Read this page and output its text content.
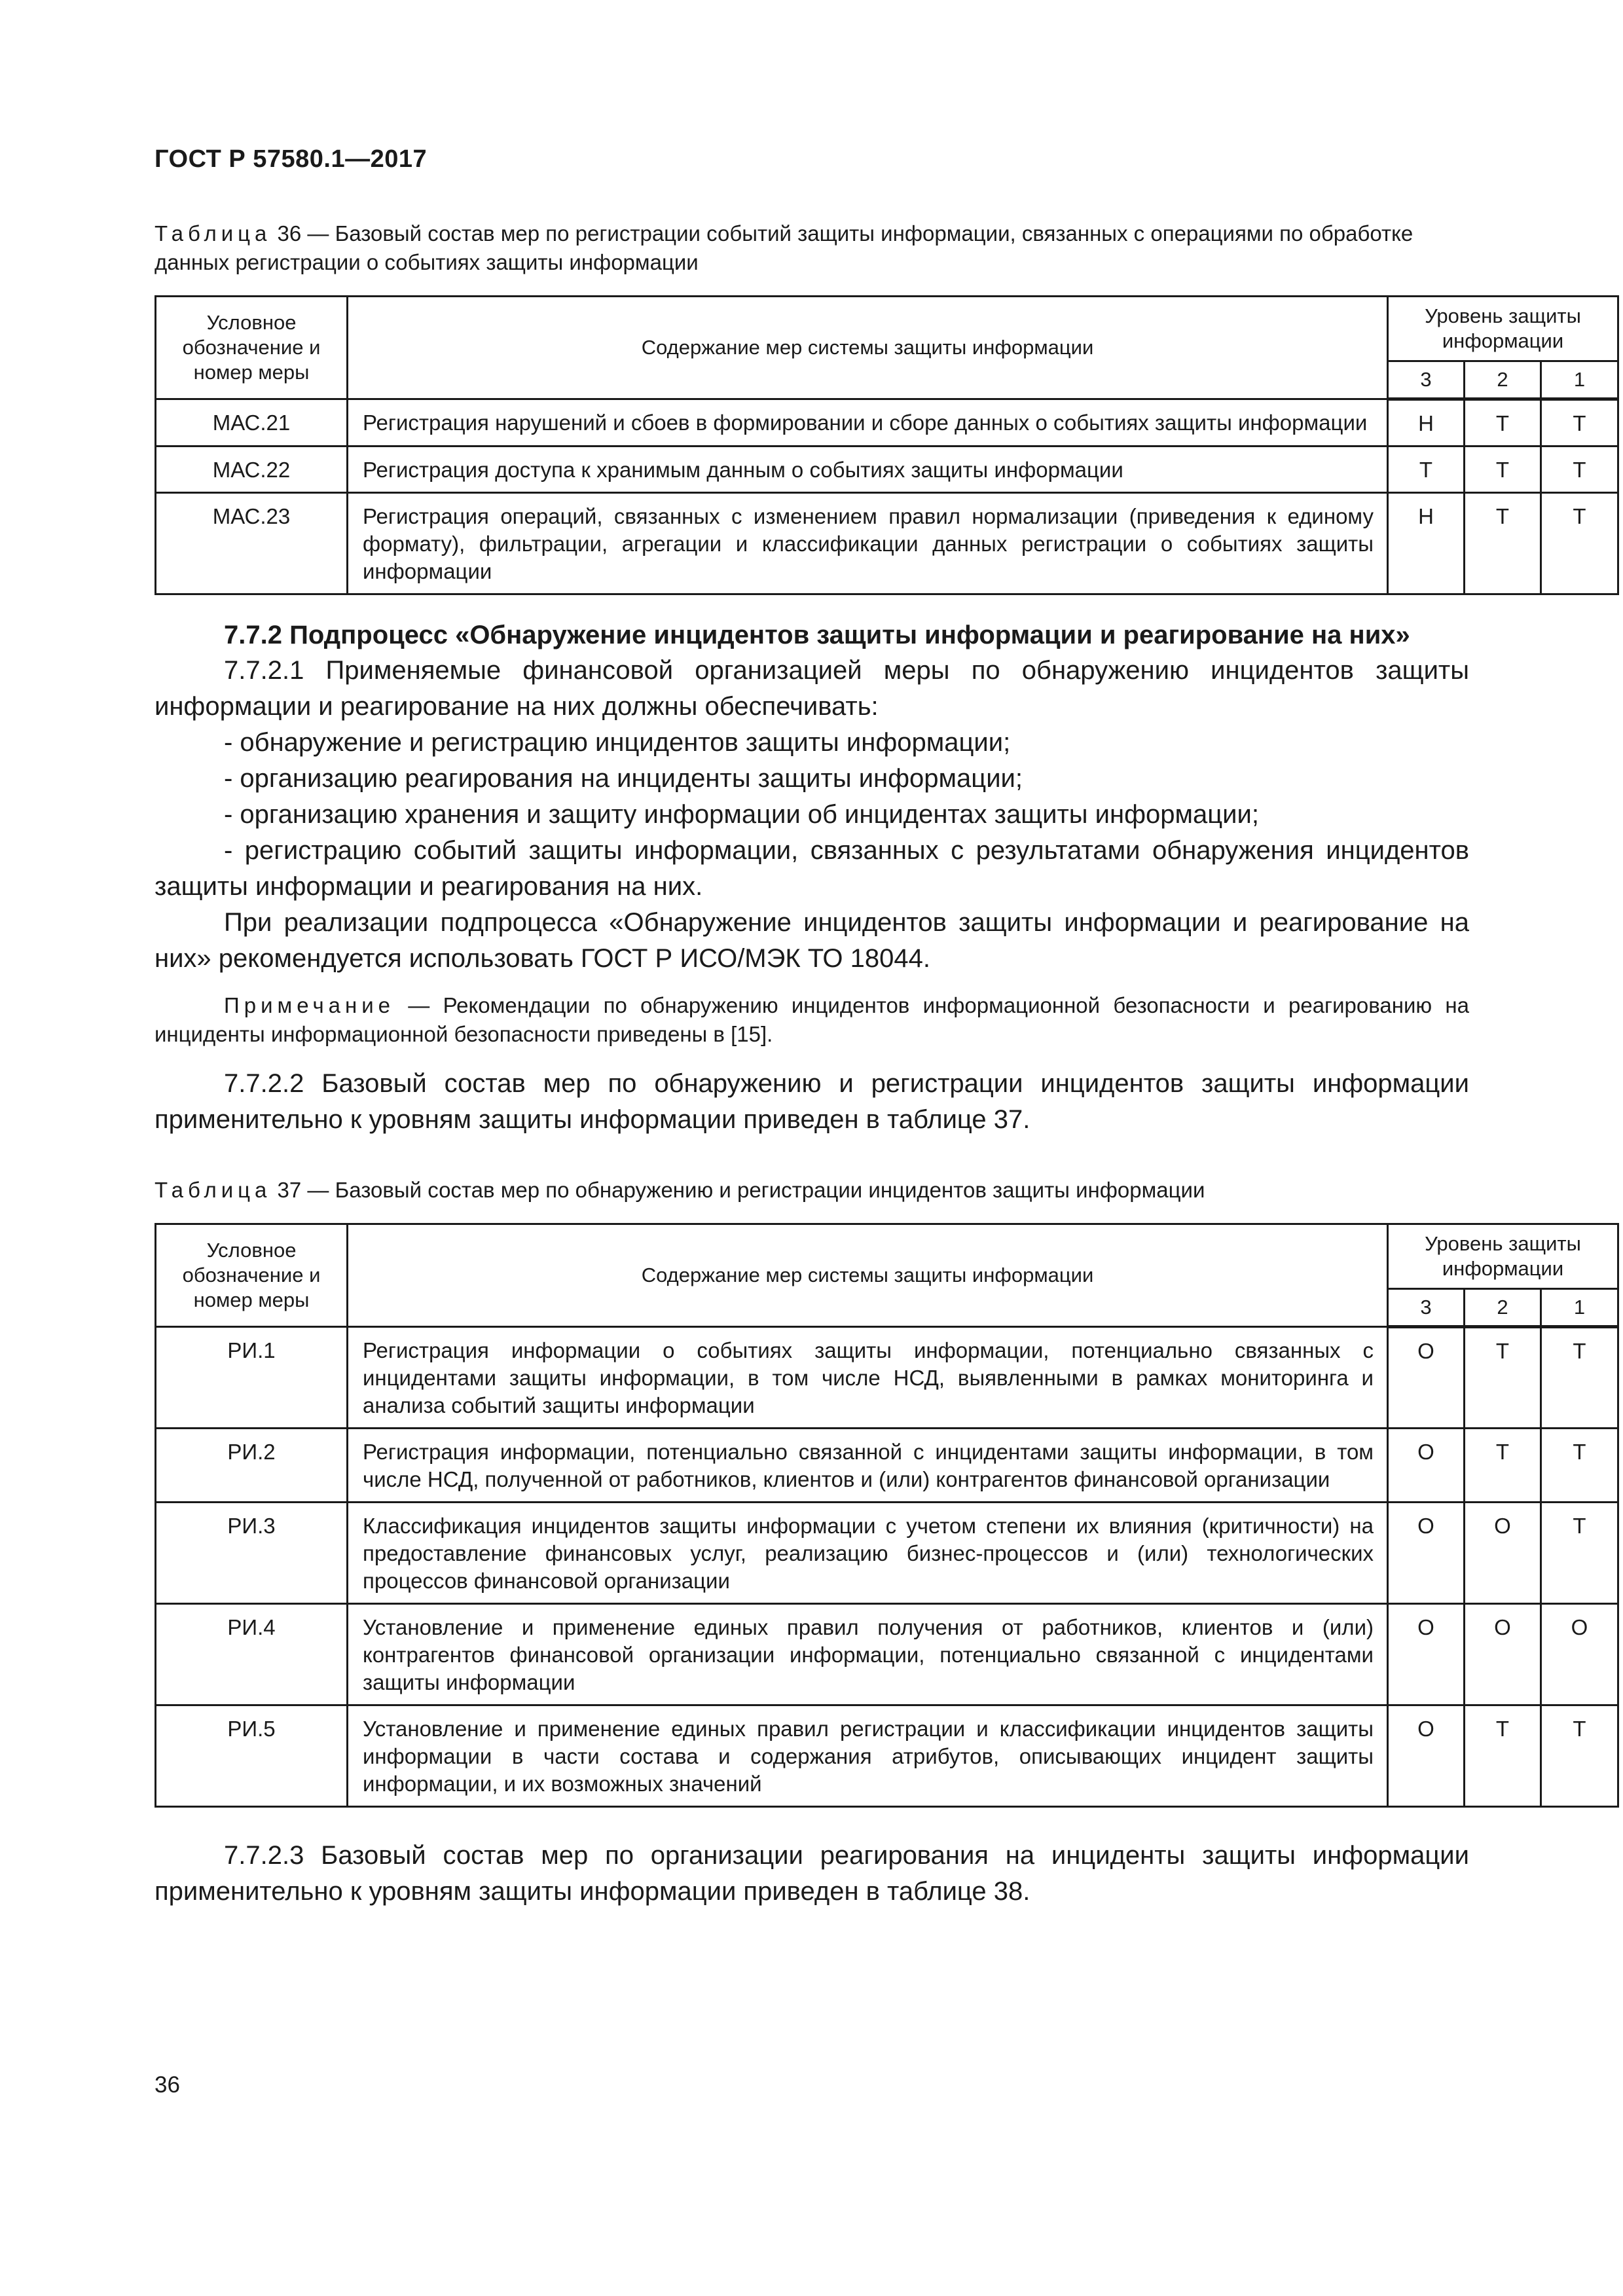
ГОСТ Р 57580.1—2017

Таблица 36 — Базовый состав мер по регистрации событий защиты информации, связанных с операциями по обработке данных регистрации о событиях защиты информации

Условное обозначение и номер меры	Содержание мер системы защиты информации	Уровень защиты информации		
		3	2	1
МАС.21	Регистрация нарушений и сбоев в формировании и сборе данных о событиях защиты информации	Н	Т	Т
МАС.22	Регистрация доступа к хранимым данным о событиях защиты информации	Т	Т	Т
МАС.23	Регистрация операций, связанных с изменением правил нормализации (приведения к единому формату), фильтрации, агрегации и классификации данных регистрации о событиях защиты информации	Н	Т	Т

7.7.2 Подпроцесс «Обнаружение инцидентов защиты информации и реагирование на них»

7.7.2.1 Применяемые финансовой организацией меры по обнаружению инцидентов защиты информации и реагирование на них должны обеспечивать:

- обнаружение и регистрацию инцидентов защиты информации;

- организацию реагирования на инциденты защиты информации;

- организацию хранения и защиту информации об инцидентах защиты информации;

- регистрацию событий защиты информации, связанных с результатами обнаружения инцидентов защиты информации и реагирования на них.

При реализации подпроцесса «Обнаружение инцидентов защиты информации и реагирование на них» рекомендуется использовать ГОСТ Р ИСО/МЭК ТО 18044.

Примечание — Рекомендации по обнаружению инцидентов информационной безопасности и реагированию на инциденты информационной безопасности приведены в [15].

7.7.2.2 Базовый состав мер по обнаружению и регистрации инцидентов защиты информации применительно к уровням защиты информации приведен в таблице 37.

Таблица 37 — Базовый состав мер по обнаружению и регистрации инцидентов защиты информации

Условное обозначение и номер меры	Содержание мер системы защиты информации	Уровень защиты информации		
		3	2	1
РИ.1	Регистрация информации о событиях защиты информации, потенциально связанных с инцидентами защиты информации, в том числе НСД, выявленными в рамках мониторинга и анализа событий защиты информации	О	Т	Т
РИ.2	Регистрация информации, потенциально связанной с инцидентами защиты информации, в том числе НСД, полученной от работников, клиентов и (или) контрагентов финансовой организации	О	Т	Т
РИ.3	Классификация инцидентов защиты информации с учетом степени их влияния (критичности) на предоставление финансовых услуг, реализацию бизнес-процессов и (или) технологических процессов финансовой организации	О	О	Т
РИ.4	Установление и применение единых правил получения от работников, клиентов и (или) контрагентов финансовой организации информации, потенциально связанной с инцидентами защиты информации	О	О	О
РИ.5	Установление и применение единых правил регистрации и классификации инцидентов защиты информации в части состава и содержания атрибутов, описывающих инцидент защиты информации, и их возможных значений	О	Т	Т

7.7.2.3 Базовый состав мер по организации реагирования на инциденты защиты информации применительно к уровням защиты информации приведен в таблице 38.

36
